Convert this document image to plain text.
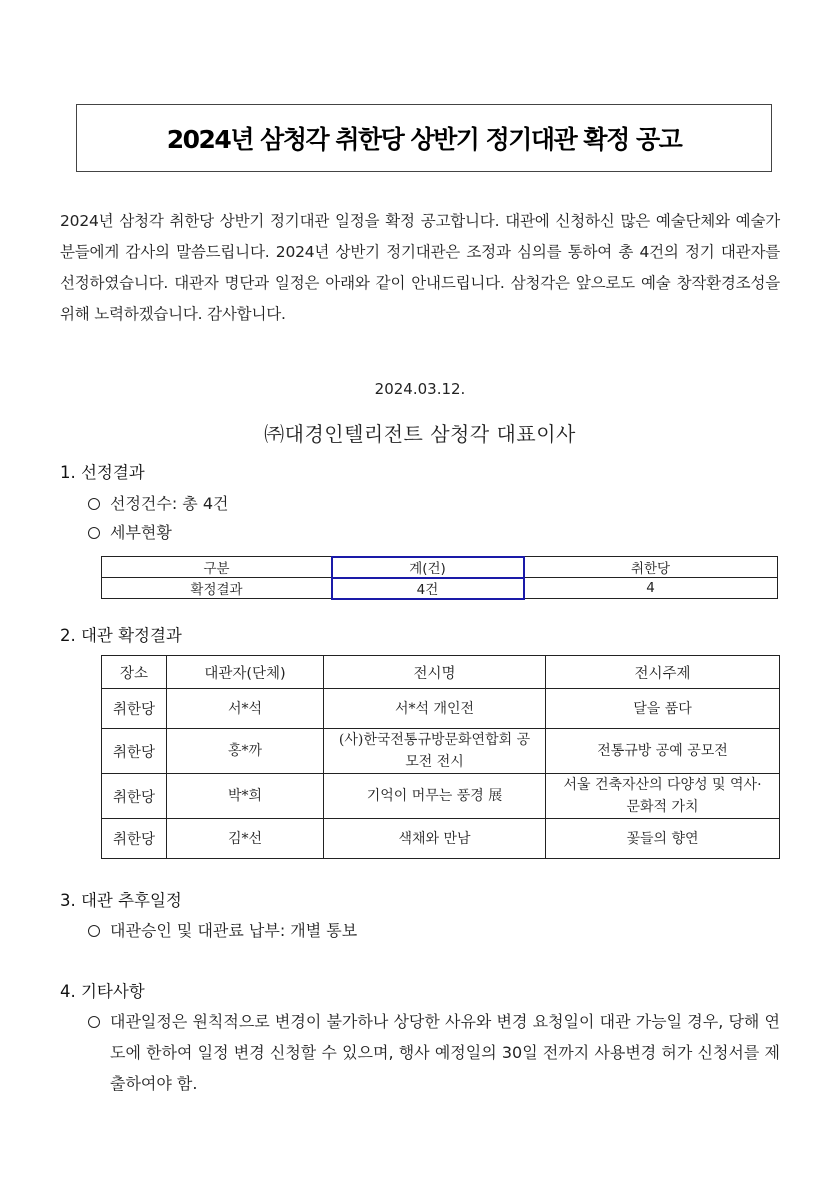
2024년 삼청각 취한당 상반기 정기대관 확정 공고
2024년 삼청각 취한당 상반기 정기대관 일정을 확정 공고합니다. 대관에 신청하신 많은 예술단체와 예술가분들에게 감사의 말씀드립니다. 2024년 상반기 정기대관은 조정과 심의를 통하여 총 4건의 정기 대관자를 선정하였습니다. 대관자 명단과 일정은 아래와 같이 안내드립니다. 삼청각은 앞으로도 예술 창작환경조성을 위해 노력하겠습니다. 감사합니다.
2024.03.12.
㈜대경인텔리전트 삼청각 대표이사
1. 선정결과
선정건수: 총 4건
세부현황
구분	계(건)	취한당
확정결과	4건	4
2. 대관 확정결과
장소	대관자(단체)	전시명	전시주제
취한당	서*석	서*석 개인전	달을 품다
취한당	홍*까	(사)한국전통규방문화연합회 공모전 전시	전통규방 공예 공모전
취한당	박*희	기억이 머무는 풍경 展	서울 건축자산의 다양성 및 역사·문화적 가치
취한당	김*선	색채와 만남	꽃들의 향연
3. 대관 추후일정
대관승인 및 대관료 납부: 개별 통보
4. 기타사항
대관일정은 원칙적으로 변경이 불가하나 상당한 사유와 변경 요청일이 대관 가능일 경우, 당해 연도에 한하여 일정 변경 신청할 수 있으며, 행사 예정일의 30일 전까지 사용변경 허가 신청서를 제출하여야 함.
